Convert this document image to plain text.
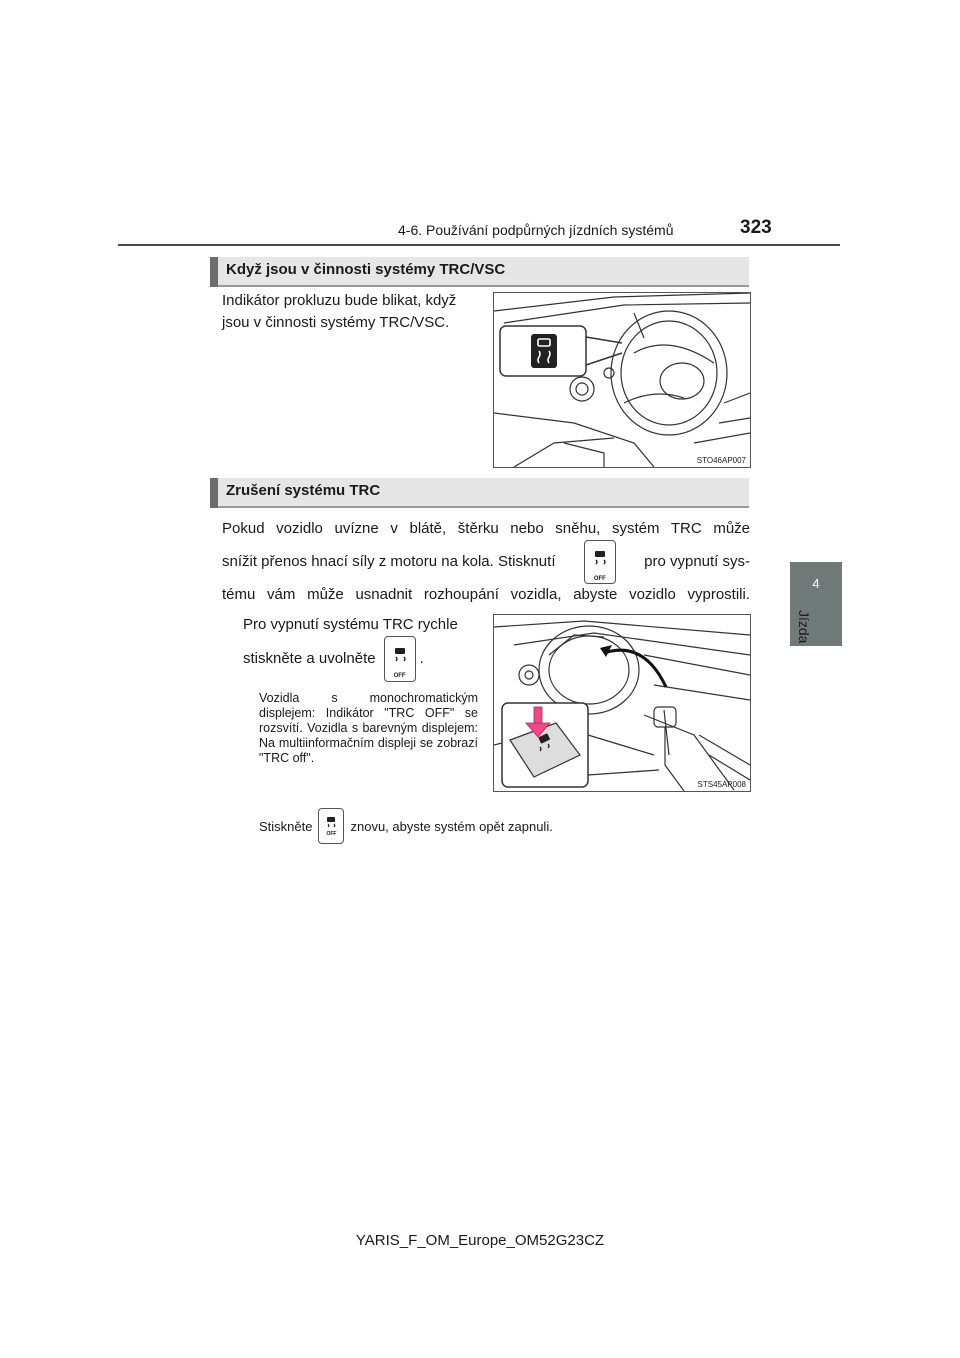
4-6. Používání podpůrných jízdních systémů	323
4
Jízda
Když jsou v činnosti systémy TRC/VSC
Indikátor prokluzu bude blikat, když
jsou v činnosti systémy TRC/VSC.
STO46AP007
Zrušení systému TRC
Pokud vozidlo uvízne v blátě, štěrku nebo sněhu, systém TRC může
snížit přenos hnací síly z motoru na kola. Stisknutí
OFF
pro vypnutí sys-
tému vám může usnadnit rozhoupání vozidla, abyste vozidlo vyprostili.
Pro vypnutí systému TRC rychle
stiskněte a uvolněte
OFF
.
Vozidla s monochromatickým displejem: Indikátor "TRC OFF" se rozsvítí. Vozidla s barevným displejem: Na multiinformačním displeji se zobrazí "TRC off".
STS45AP008
Stiskněte
OFF
znovu, abyste systém opět zapnuli.
YARIS_F_OM_Europe_OM52G23CZ
